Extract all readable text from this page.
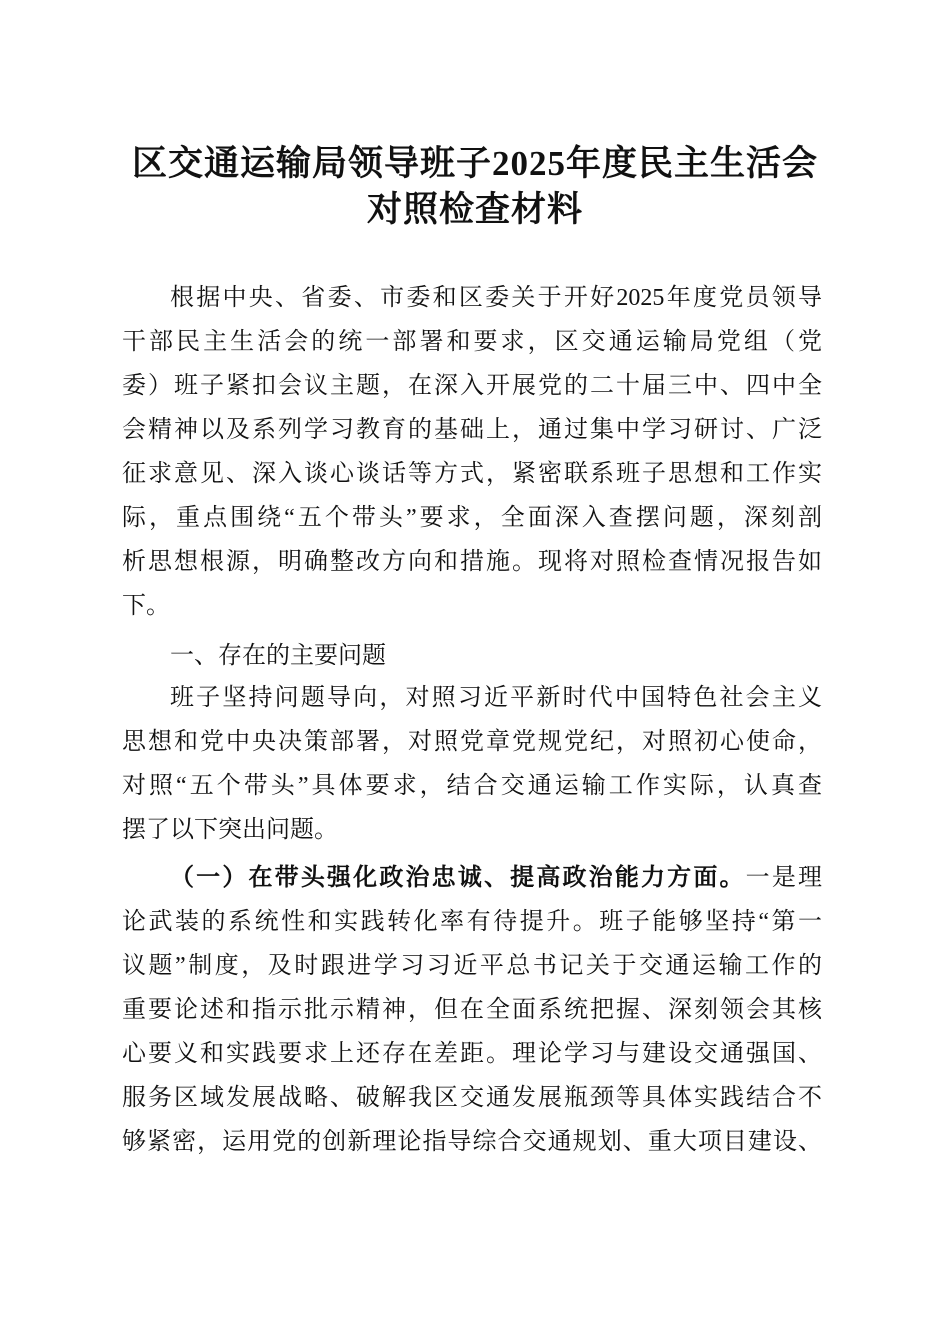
区交通运输局领导班子2025年度民主生活会
对照检查材料
根据中央、省委、市委和区委关于开好2025年度党员领导
干部民主生活会的统一部署和要求，区交通运输局党组（党
委）班子紧扣会议主题，在深入开展党的二十届三中、四中全
会精神以及系列学习教育的基础上，通过集中学习研讨、广泛
征求意见、深入谈心谈话等方式，紧密联系班子思想和工作实
际，重点围绕“五个带头”要求，全面深入查摆问题，深刻剖
析思想根源，明确整改方向和措施。现将对照检查情况报告如
下。
一、存在的主要问题
班子坚持问题导向，对照习近平新时代中国特色社会主义
思想和党中央决策部署，对照党章党规党纪，对照初心使命，
对照“五个带头”具体要求，结合交通运输工作实际，认真查
摆了以下突出问题。
（一）在带头强化政治忠诚、提高政治能力方面。一是理
论武装的系统性和实践转化率有待提升。班子能够坚持“第一
议题”制度，及时跟进学习习近平总书记关于交通运输工作的
重要论述和指示批示精神，但在全面系统把握、深刻领会其核
心要义和实践要求上还存在差距。理论学习与建设交通强国、
服务区域发展战略、破解我区交通发展瓶颈等具体实践结合不
够紧密，运用党的创新理论指导综合交通规划、重大项目建设、
